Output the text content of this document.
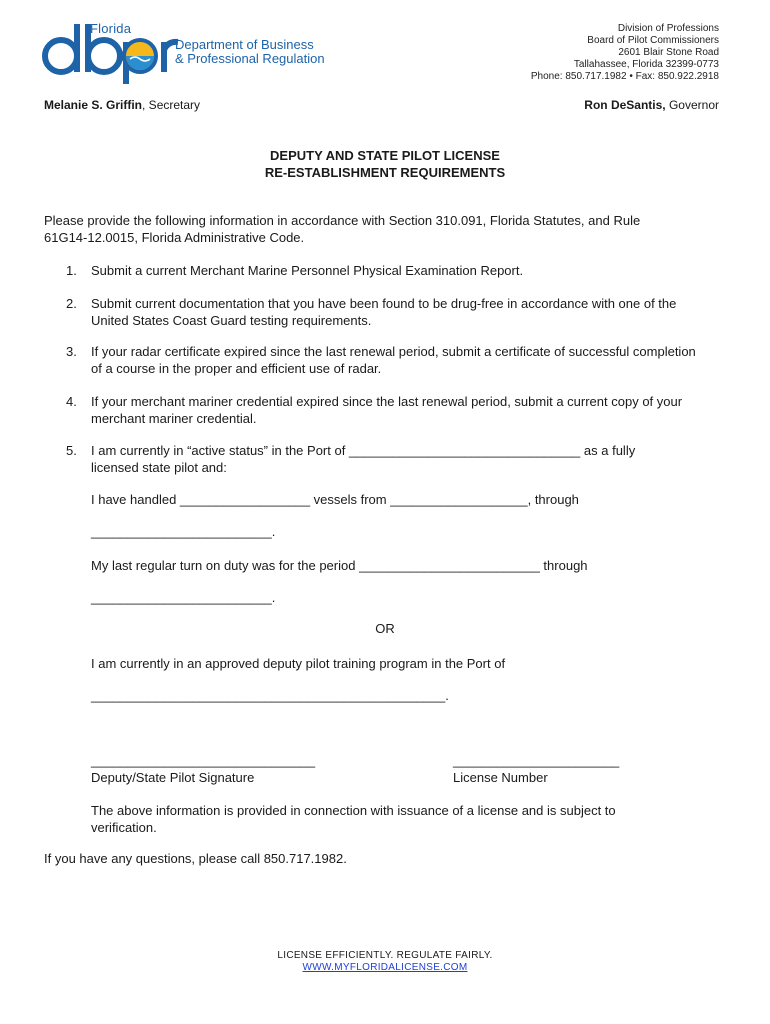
Florida
Department of Business
& Professional Regulation
Division of Professions
Board of Pilot Commissioners
2601 Blair Stone Road
Tallahassee, Florida 32399-0773
Phone: 850.717.1982 • Fax: 850.922.2918
Melanie S. Griffin, Secretary	Ron DeSantis, Governor
DEPUTY AND STATE PILOT LICENSE
RE-ESTABLISHMENT REQUIREMENTS
Please provide the following information in accordance with Section 310.091, Florida Statutes, and Rule 61G14-12.0015, Florida Administrative Code.
1. Submit a current Merchant Marine Personnel Physical Examination Report.
2. Submit current documentation that you have been found to be drug-free in accordance with one of the United States Coast Guard testing requirements.
3. If your radar certificate expired since the last renewal period, submit a certificate of successful completion of a course in the proper and efficient use of radar.
4. If your merchant mariner credential expired since the last renewal period, submit a current copy of your merchant mariner credential.
5. I am currently in “active status” in the Port of ________________________________ as a fully licensed state pilot and:
I have handled __________________ vessels from ___________________, through
_________________________.
My last regular turn on duty was for the period _________________________ through
_________________________.
OR
I am currently in an approved deputy pilot training program in the Port of
_________________________________________________.
_______________________________
Deputy/State Pilot Signature
_______________________
License Number
The above information is provided in connection with issuance of a license and is subject to verification.
If you have any questions, please call 850.717.1982.
LICENSE EFFICIENTLY. REGULATE FAIRLY.
WWW.MYFLORIDALICENSE.COM
